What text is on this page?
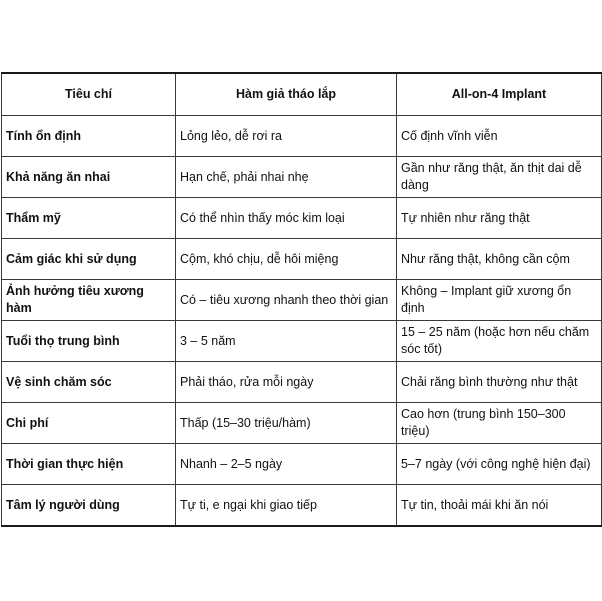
Tiêu chí	Hàm giả tháo lắp	All-on-4 Implant
Tính ổn định	Lỏng lẻo, dễ rơi ra	Cố định vĩnh viễn
Khả năng ăn nhai	Hạn chế, phải nhai nhẹ	Gần như răng thật, ăn thịt dai dễ dàng
Thẩm mỹ	Có thể nhìn thấy móc kim loại	Tự nhiên như răng thật
Cảm giác khi sử dụng	Cộm, khó chịu, dễ hôi miệng	Như răng thật, không cần cộm
Ảnh hưởng tiêu xương hàm	Có – tiêu xương nhanh theo thời gian	Không – Implant giữ xương ổn định
Tuổi thọ trung bình	3 – 5 năm	15 – 25 năm (hoặc hơn nếu chăm sóc tốt)
Vệ sinh chăm sóc	Phải tháo, rửa mỗi ngày	Chải răng bình thường như thật
Chi phí	Thấp (15–30 triệu/hàm)	Cao hơn (trung bình 150–300 triệu)
Thời gian thực hiện	Nhanh – 2–5 ngày	5–7 ngày (với công nghệ hiện đại)
Tâm lý người dùng	Tự ti, e ngại khi giao tiếp	Tự tin, thoải mái khi ăn nói
